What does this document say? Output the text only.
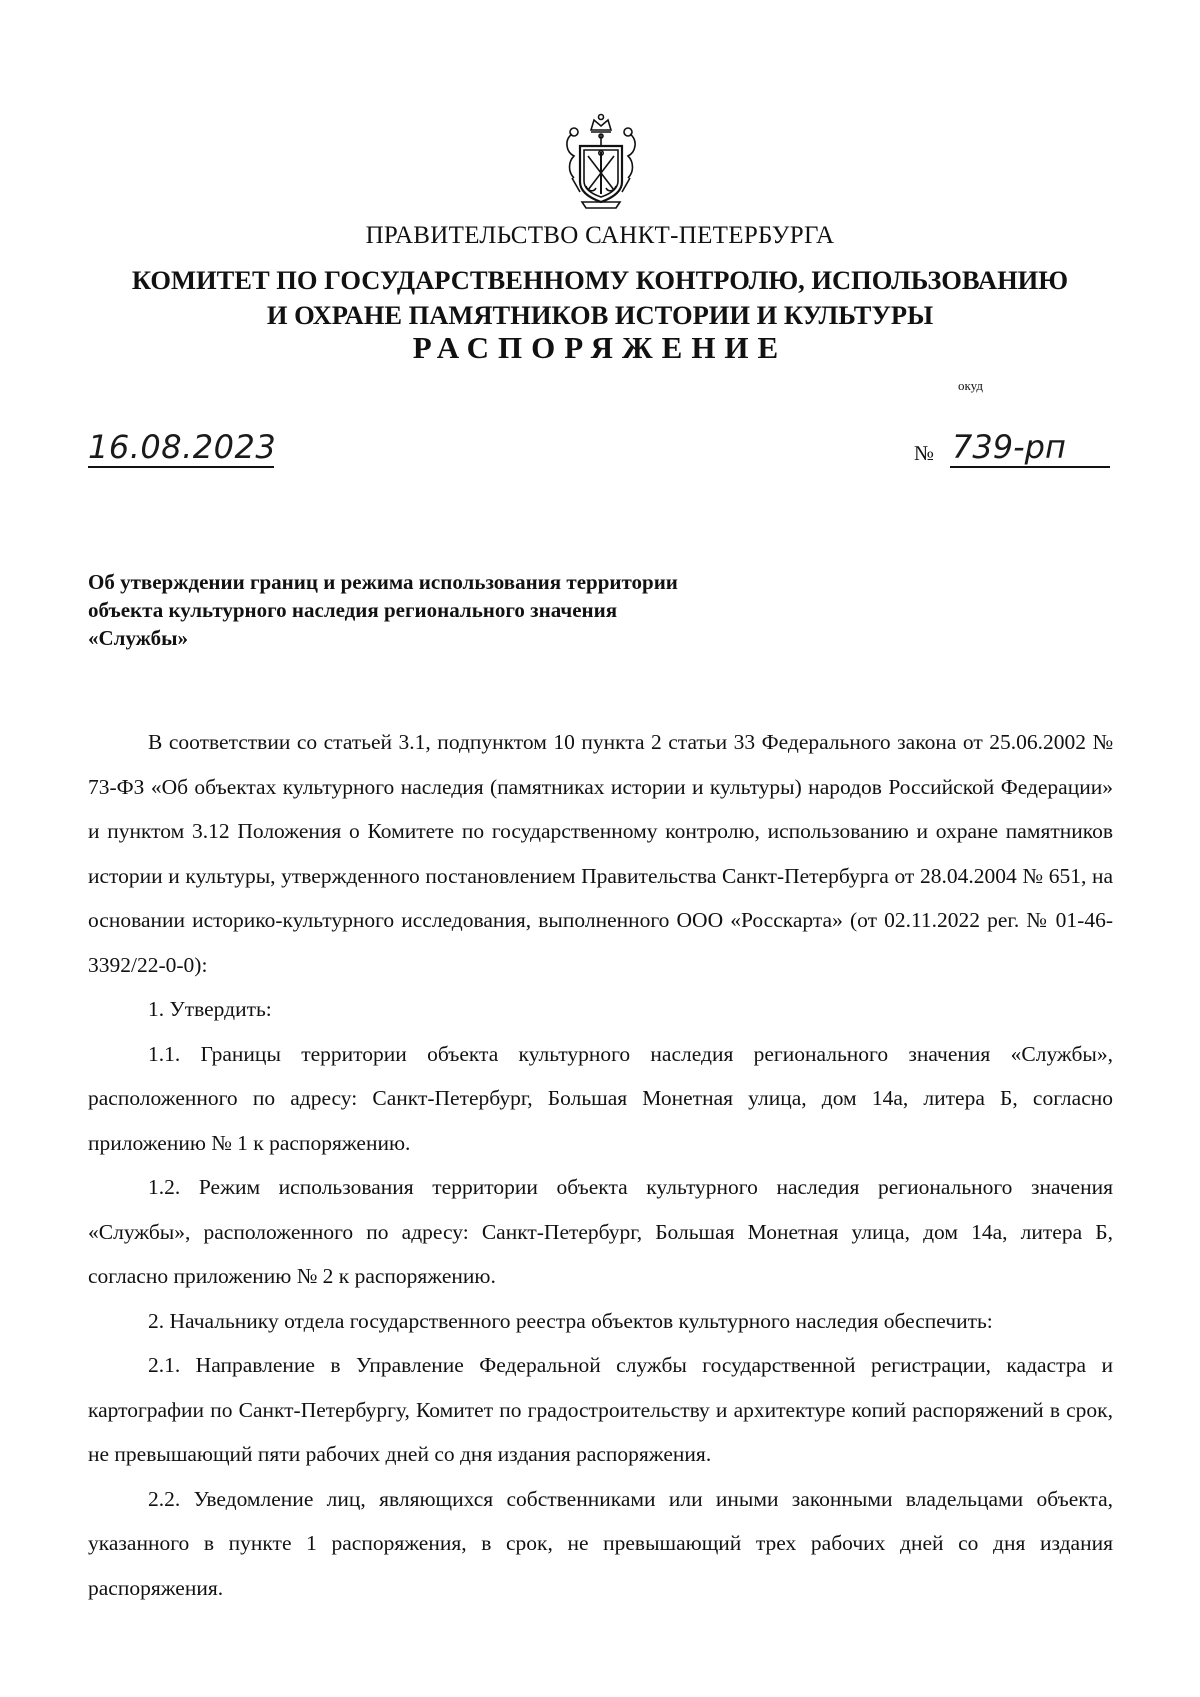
ПРАВИТЕЛЬСТВО САНКТ-ПЕТЕРБУРГА
КОМИТЕТ ПО ГОСУДАРСТВЕННОМУ КОНТРОЛЮ, ИСПОЛЬЗОВАНИЮ
И ОХРАНЕ ПАМЯТНИКОВ ИСТОРИИ И КУЛЬТУРЫ
РАСПОРЯЖЕНИЕ
окуд
16.08.2023	№ 739-рп
Об утверждении границ и режима использования территории
объекта культурного наследия регионального значения
«Службы»

В соответствии со статьей 3.1, подпунктом 10 пункта 2 статьи 33 Федерального закона от 25.06.2002 № 73-ФЗ «Об объектах культурного наследия (памятниках истории и культуры) народов Российской Федерации» и пунктом 3.12 Положения о Комитете по государственному контролю, использованию и охране памятников истории и культуры, утвержденного постановлением Правительства Санкт-Петербурга от 28.04.2004 № 651, на основании историко-культурного исследования, выполненного ООО «Росскарта» (от 02.11.2022 рег. № 01-46-3392/22-0-0):

1. Утвердить:

1.1. Границы территории объекта культурного наследия регионального значения «Службы», расположенного по адресу: Санкт-Петербург, Большая Монетная улица, дом 14а, литера Б, согласно приложению № 1 к распоряжению.

1.2. Режим использования территории объекта культурного наследия регионального значения «Службы», расположенного по адресу: Санкт-Петербург, Большая Монетная улица, дом 14а, литера Б, согласно приложению № 2 к распоряжению.

2. Начальнику отдела государственного реестра объектов культурного наследия обеспечить:

2.1. Направление в Управление Федеральной службы государственной регистрации, кадастра и картографии по Санкт-Петербургу, Комитет по градостроительству и архитектуре копий распоряжений в срок, не превышающий пяти рабочих дней со дня издания распоряжения.

2.2. Уведомление лиц, являющихся собственниками или иными законными владельцами объекта, указанного в пункте 1 распоряжения, в срок, не превышающий трех рабочих дней со дня издания распоряжения.
